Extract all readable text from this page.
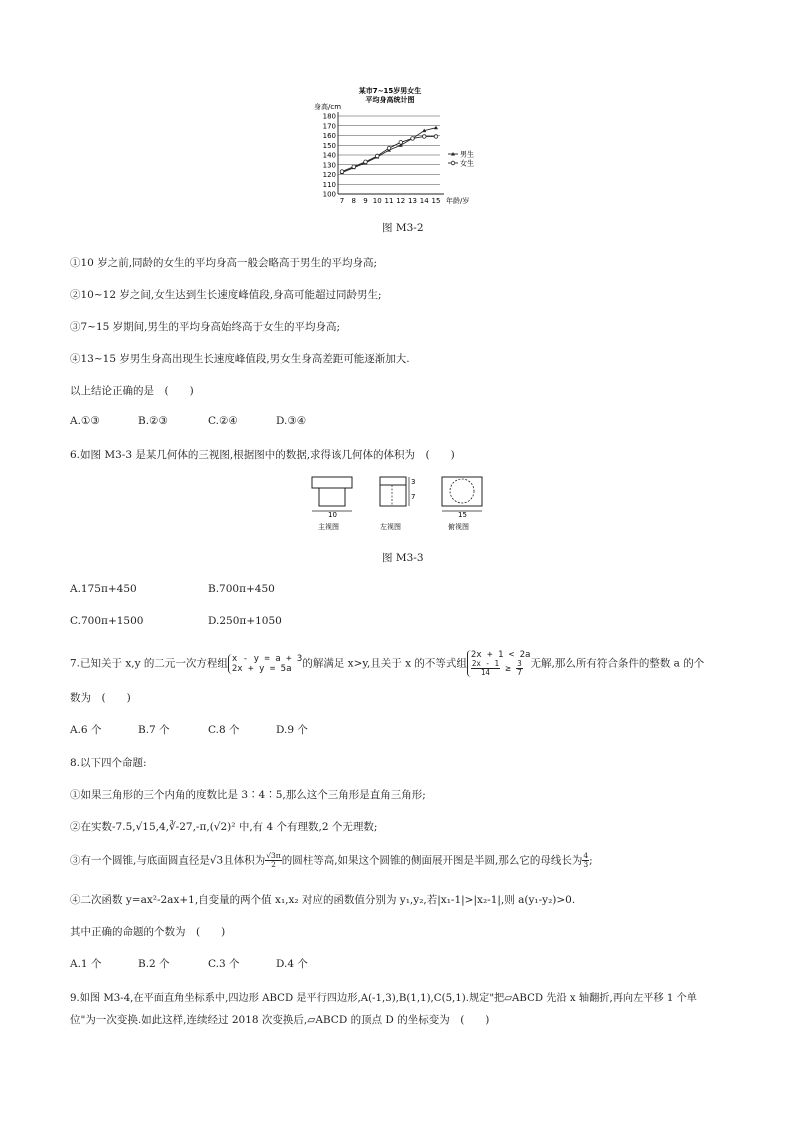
某市7~15岁男女生
平均身高统计图
身高/cm
100
110
120
130
140
150
160
170
180
7 8 9 10 11 12 13 14 15 年龄/岁
男生
女生
图 M3-2
①10 岁之前,同龄的女生的平均身高一般会略高于男生的平均身高;
②10~12 岁之间,女生达到生长速度峰值段,身高可能超过同龄男生;
③7~15 岁期间,男生的平均身高始终高于女生的平均身高;
④13~15 岁男生身高出现生长速度峰值段,男女生身高差距可能逐渐加大.
以上结论正确的是　(　　)
A.①③	B.②③	C.②④	D.③④
6.如图 M3-3 是某几何体的三视图,根据图中的数据,求得该几何体的体积为　(　　)
10
主视图
3
7
左视图
15
俯视图
图 M3-3
A.175π+450	B.700π+450
C.700π+1500	D.250π+1050
7.已知关于 x,y 的二元一次方程组 x - y = a + 3
2x + y = 5a 的解满足 x>y,且关于 x 的不等式组2x + 1 < 2a

$\frac{2x - 1}{14} \ge \frac{3}{7}$ 无解,那么所有符合条件的整数 a 的个
数为　(　　)
A.6 个	B.7 个	C.8 个	D.9 个
8.以下四个命题:
①如果三角形的三个内角的度数比是 3∶4∶5,那么这个三角形是直角三角形;
②在实数-7.5,√15,4,∛-27,-π,(√2)² 中,有 4 个有理数,2 个无理数;
③有一个圆锥,与底面圆直径是√3且体积为 $\frac{√3\pi}{2}$ 的圆柱等高,如果这个圆锥的侧面展开图是半圆,那么它的母线长为 $\frac{4}{3}$ ;
④二次函数 y=ax²-2ax+1,自变量的两个值 x₁,x₂ 对应的函数值分别为 y₁,y₂,若|x₁-1|>|x₂-1|,则 a(y₁-y₂)>0.
其中正确的命题的个数为　(　　)
A.1 个	B.2 个	C.3 个	D.4 个
9.如图 M3-4,在平面直角坐标系中,四边形 ABCD 是平行四边形,A(-1,3),B(1,1),C(5,1).规定"把▱ABCD 先沿 x 轴翻折,再向左平移 1 个单
位"为一次变换.如此这样,连续经过 2018 次变换后,▱ABCD 的顶点 D 的坐标变为　(　　)
